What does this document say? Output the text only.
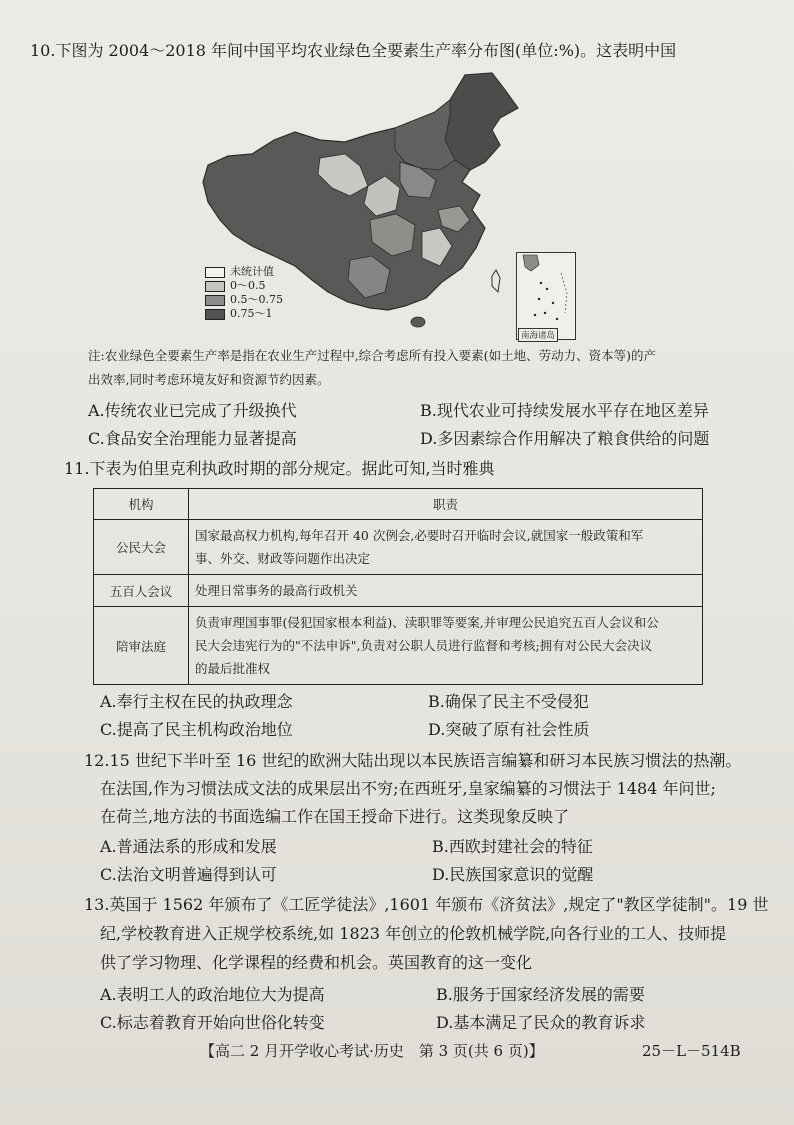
10.下图为 2004～2018 年间中国平均农业绿色全要素生产率分布图(单位:%)。这表明中国
未统计值
0～0.5
0.5～0.75
0.75～1
南海诸岛
注:农业绿色全要素生产率是指在农业生产过程中,综合考虑所有投入要素(如土地、劳动力、资本等)的产
出效率,同时考虑环境友好和资源节约因素。
A.传统农业已完成了升级换代	B.现代农业可持续发展水平存在地区差异
C.食品安全治理能力显著提高	D.多因素综合作用解决了粮食供给的问题
11.下表为伯里克利执政时期的部分规定。据此可知,当时雅典
机构	职责
公民大会	国家最高权力机构,每年召开 40 次例会,必要时召开临时会议,就国家一般政策和军
事、外交、财政等问题作出决定

五百人会议	处理日常事务的最高行政机关

陪审法庭	负责审理国事罪(侵犯国家根本利益)、渎职罪等要案,并审理公民追究五百人会议和公
民大会违宪行为的"不法申诉",负责对公职人员进行监督和考核;拥有对公民大会决议
的最后批准权
A.奉行主权在民的执政理念	B.确保了民主不受侵犯
C.提高了民主机构政治地位	D.突破了原有社会性质
12.15 世纪下半叶至 16 世纪的欧洲大陆出现以本民族语言编纂和研习本民族习惯法的热潮。
在法国,作为习惯法成文法的成果层出不穷;在西班牙,皇家编纂的习惯法于 1484 年问世;
在荷兰,地方法的书面选编工作在国王授命下进行。这类现象反映了
A.普通法系的形成和发展	B.西欧封建社会的特征
C.法治文明普遍得到认可	D.民族国家意识的觉醒
13.英国于 1562 年颁布了《工匠学徒法》,1601 年颁布《济贫法》,规定了"教区学徒制"。19 世
纪,学校教育进入正规学校系统,如 1823 年创立的伦敦机械学院,向各行业的工人、技师提
供了学习物理、化学课程的经费和机会。英国教育的这一变化
A.表明工人的政治地位大为提高	B.服务于国家经济发展的需要
C.标志着教育开始向世俗化转变	D.基本满足了民众的教育诉求
【高二 2 月开学收心考试·历史　第 3 页(共 6 页)】	25－L－514B
